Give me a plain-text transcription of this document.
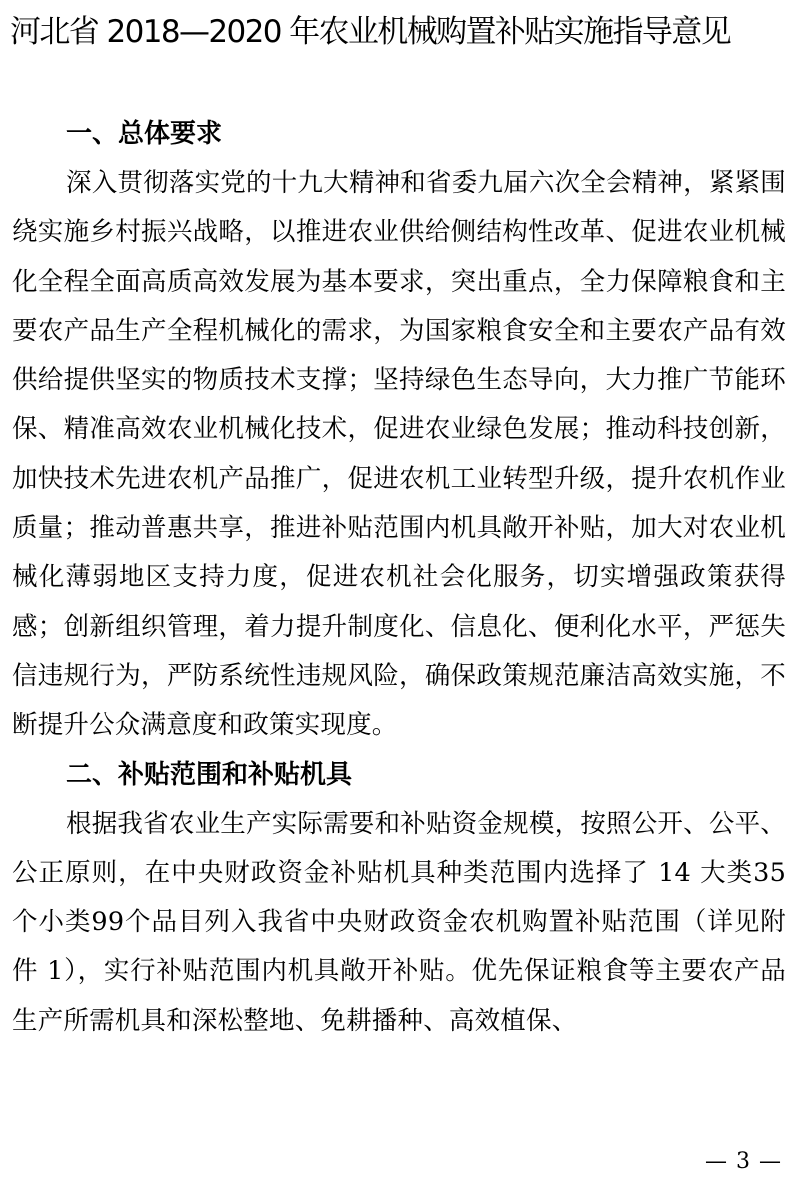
河北省 2018—2020 年农业机械购置补贴实施指导意见
一、总体要求

深入贯彻落实党的十九大精神和省委九届六次全会精神，紧紧围绕实施乡村振兴战略，以推进农业供给侧结构性改革、促进农业机械化全程全面高质高效发展为基本要求，突出重点，全力保障粮食和主要农产品生产全程机械化的需求，为国家粮食安全和主要农产品有效供给提供坚实的物质技术支撑；坚持绿色生态导向，大力推广节能环保、精准高效农业机械化技术，促进农业绿色发展；推动科技创新，加快技术先进农机产品推广，促进农机工业转型升级，提升农机作业质量；推动普惠共享，推进补贴范围内机具敞开补贴，加大对农业机械化薄弱地区支持力度，促进农机社会化服务，切实增强政策获得感；创新组织管理，着力提升制度化、信息化、便利化水平，严惩失信违规行为，严防系统性违规风险，确保政策规范廉洁高效实施，不断提升公众满意度和政策实现度。

二、补贴范围和补贴机具

根据我省农业生产实际需要和补贴资金规模，按照公开、公平、公正原则，在中央财政资金补贴机具种类范围内选择了 14 大类35个小类99个品目列入我省中央财政资金农机购置补贴范围（详见附件 1），实行补贴范围内机具敞开补贴。优先保证粮食等主要农产品生产所需机具和深松整地、免耕播种、高效植保、

— 3 —
